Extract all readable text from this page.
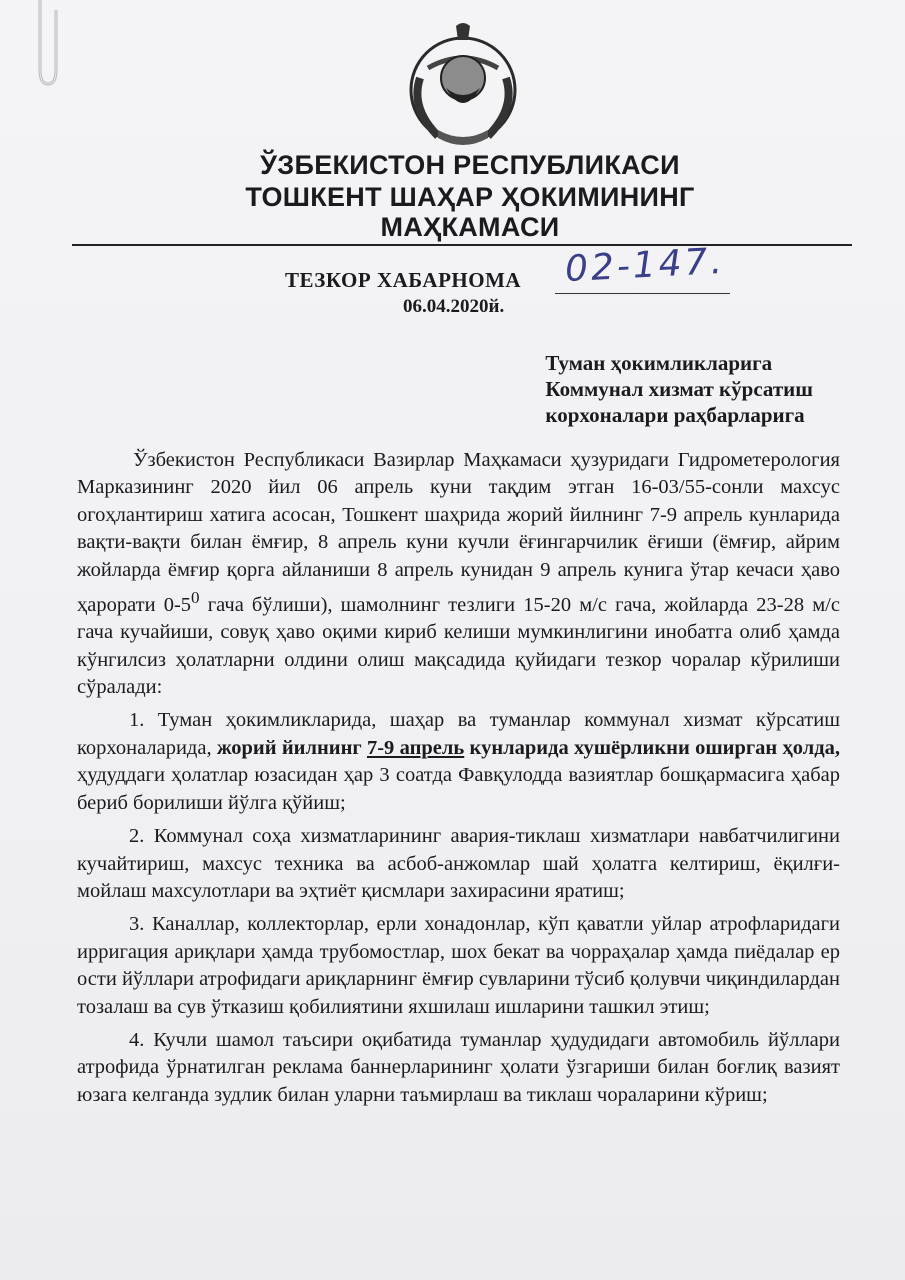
ЎЗБЕКИСТОН РЕСПУБЛИКАСИ
ТОШКЕНТ ШАҲАР ҲОКИМИНИНГ
МАҲКАМАСИ
ТЕЗКОР ХАБАРНОМА 02-147.
06.04.2020й.
Туман ҳокимликларига
Коммунал хизмат кўрсатиш
корхоналари раҳбарларига

Ўзбекистон Республикаси Вазирлар Маҳкамаси ҳузуридаги Гидрометерология Марказининг 2020 йил 06 апрель куни тақдим этган 16-03/55-сонли махсус огоҳлантириш хатига асосан, Тошкент шаҳрида жорий йилнинг 7-9 апрель кунларида вақти-вақти билан ёмғир, 8 апрель куни кучли ёғингарчилик ёғиши (ёмғир, айрим жойларда ёмғир қорга айланиши 8 апрель кунидан 9 апрель кунига ўтар кечаси ҳаво ҳарорати $0-5^0$ гача бўлиши), шамолнинг тезлиги 15-20 м/с гача, жойларда 23-28 м/с гача кучайиши, совуқ ҳаво оқими кириб келиши мумкинлигини инобатга олиб ҳамда кўнгилсиз ҳолатларни олдини олиш мақсадида қуйидаги тезкор чоралар кўрилиши сўралади:

1. Туман ҳокимликларида, шаҳар ва туманлар коммунал хизмат кўрсатиш корхоналарида, жорий йилнинг 7-9 апрель кунларида хушёрликни оширган ҳолда, ҳудуддаги ҳолатлар юзасидан ҳар 3 соатда Фавқулодда вазиятлар бошқармасига ҳабар бериб борилиши йўлга қўйиш;

2. Коммунал соҳа хизматларининг авария-тиклаш хизматлари навбатчилигини кучайтириш, махсус техника ва асбоб-анжомлар шай ҳолатга келтириш, ёқилғи-мойлаш махсулотлари ва эҳтиёт қисмлари захирасини яратиш;

3. Каналлар, коллекторлар, ерли хонадонлар, кўп қаватли уйлар атрофларидаги ирригация ариқлари ҳамда трубомостлар, шох бекат ва чорраҳалар ҳамда пиёдалар ер ости йўллари атрофидаги ариқларнинг ёмғир сувларини тўсиб қолувчи чиқиндилардан тозалаш ва сув ўтказиш қобилиятини яхшилаш ишларини ташкил этиш;

4. Кучли шамол таъсири оқибатида туманлар ҳудудидаги автомобиль йўллари атрофида ўрнатилган реклама баннерларининг ҳолати ўзгариши билан боғлиқ вазият юзага келганда зудлик билан уларни таъмирлаш ва тиклаш чораларини кўриш;
